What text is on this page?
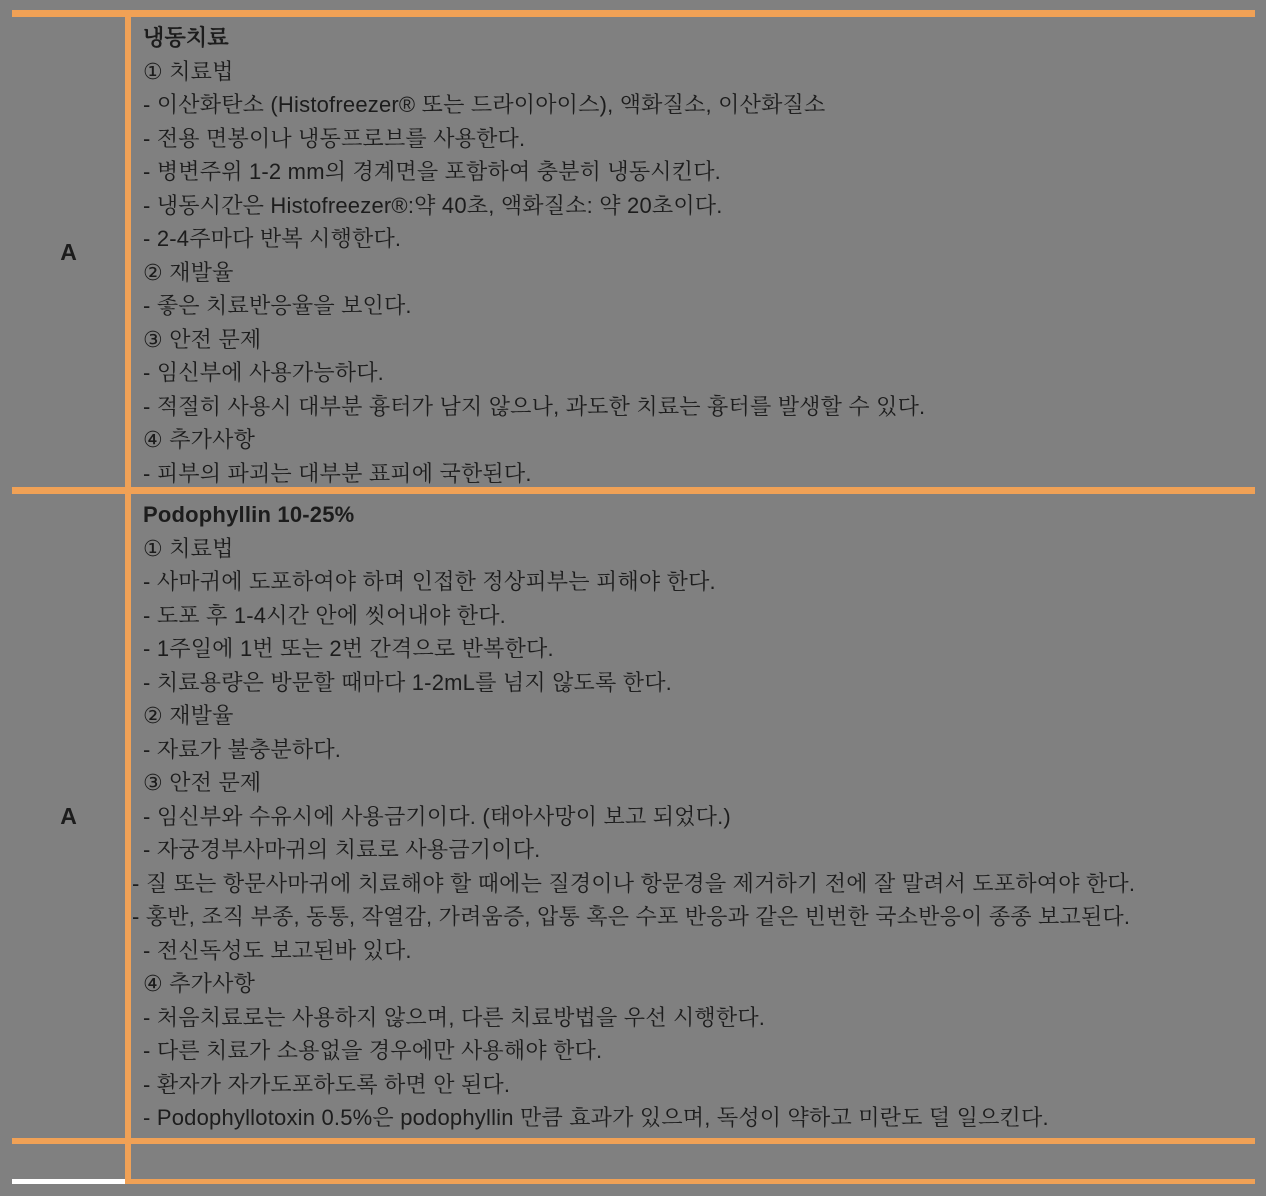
A
냉동치료
① 치료법
- 이산화탄소 (Histofreezer® 또는 드라이아이스), 액화질소, 이산화질소
- 전용 면봉이나 냉동프로브를 사용한다.
- 병변주위 1-2 mm의 경계면을 포함하여 충분히 냉동시킨다.
- 냉동시간은 Histofreezer®:약 40초, 액화질소: 약 20초이다.
- 2-4주마다 반복 시행한다.
② 재발율
- 좋은 치료반응율을 보인다.
③ 안전 문제
- 임신부에 사용가능하다.
- 적절히 사용시 대부분 흉터가 남지 않으나, 과도한 치료는 흉터를 발생할 수 있다.
④ 추가사항
- 피부의 파괴는 대부분 표피에 국한된다.
A
Podophyllin 10-25%
① 치료법
- 사마귀에 도포하여야 하며 인접한 정상피부는 피해야 한다.
- 도포 후 1-4시간 안에 씻어내야 한다.
- 1주일에 1번 또는 2번 간격으로 반복한다.
- 치료용량은 방문할 때마다 1-2mL를 넘지 않도록 한다.
② 재발율
- 자료가 불충분하다.
③ 안전 문제
- 임신부와 수유시에 사용금기이다. (태아사망이 보고 되었다.)
- 자궁경부사마귀의 치료로 사용금기이다.
- 질 또는 항문사마귀에 치료해야 할 때에는 질경이나 항문경을 제거하기 전에 잘 말려서 도포하여야 한다.
- 홍반, 조직 부종, 동통, 작열감, 가려움증, 압통 혹은 수포 반응과 같은 빈번한 국소반응이 종종 보고된다.
- 전신독성도 보고된바 있다.
④ 추가사항
- 처음치료로는 사용하지 않으며, 다른 치료방법을 우선 시행한다.
- 다른 치료가 소용없을 경우에만 사용해야 한다.
- 환자가 자가도포하도록 하면 안 된다.
- Podophyllotoxin 0.5%은 podophyllin 만큼 효과가 있으며, 독성이 약하고 미란도 덜 일으킨다.
